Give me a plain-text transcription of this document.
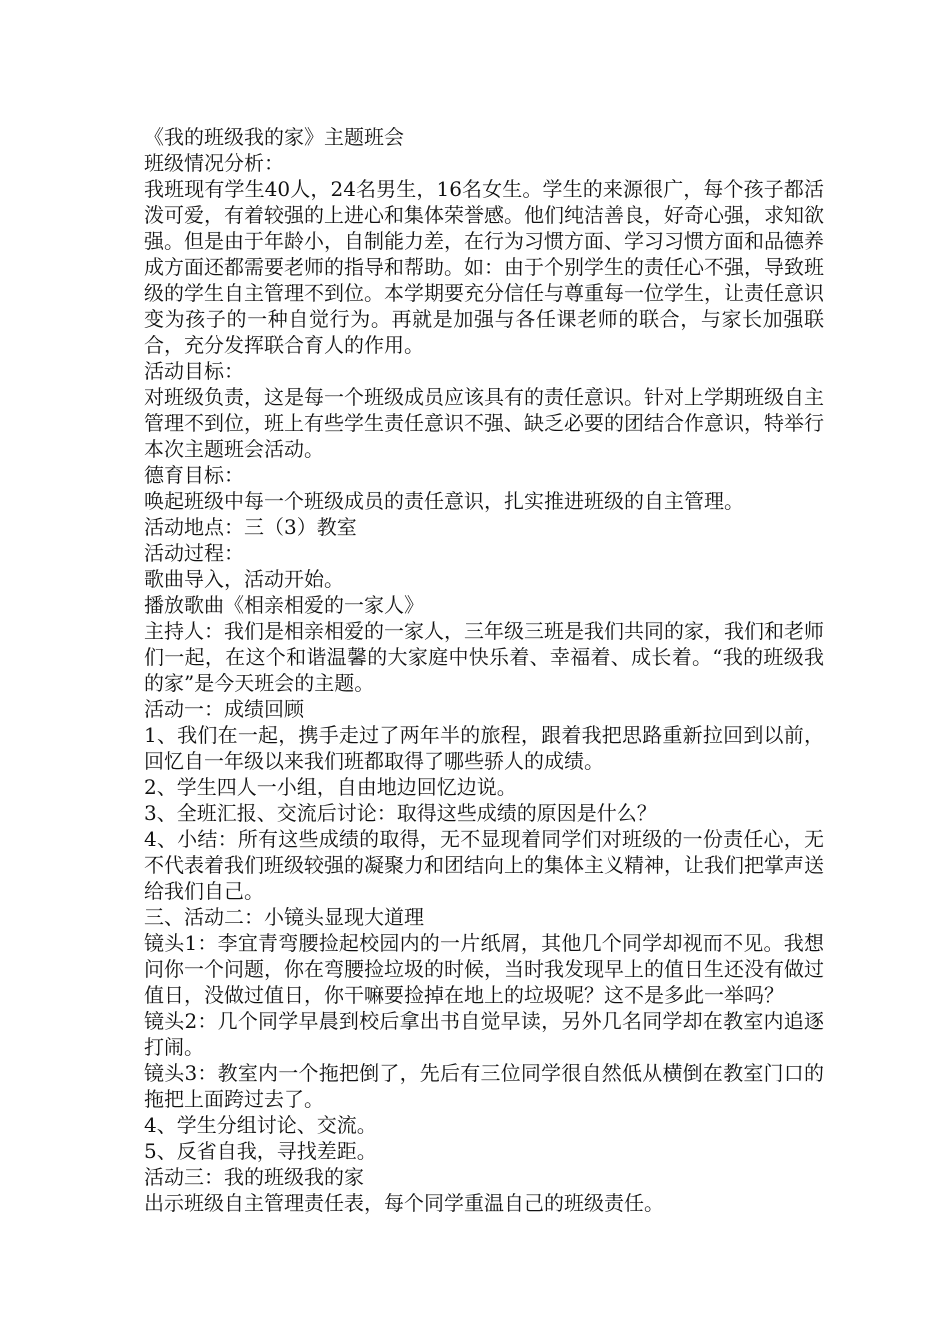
《我的班级我的家》主题班会

班级情况分析：

我班现有学生40人，24名男生，16名女生。学生的来源很广，每个孩子都活泼可爱，有着较强的上进心和集体荣誉感。他们纯洁善良，好奇心强，求知欲强。但是由于年龄小，自制能力差，在行为习惯方面、学习习惯方面和品德养成方面还都需要老师的指导和帮助。如：由于个别学生的责任心不强，导致班级的学生自主管理不到位。本学期要充分信任与尊重每一位学生，让责任意识变为孩子的一种自觉行为。再就是加强与各任课老师的联合，与家长加强联合，充分发挥联合育人的作用。

活动目标：

对班级负责，这是每一个班级成员应该具有的责任意识。针对上学期班级自主管理不到位，班上有些学生责任意识不强、缺乏必要的团结合作意识，特举行本次主题班会活动。

德育目标：

唤起班级中每一个班级成员的责任意识，扎实推进班级的自主管理。

活动地点：三（3）教室

活动过程：

歌曲导入，活动开始。

播放歌曲《相亲相爱的一家人》

主持人：我们是相亲相爱的一家人，三年级三班是我们共同的家，我们和老师们一起，在这个和谐温馨的大家庭中快乐着、幸福着、成长着。“我的班级我的家”是今天班会的主题。

活动一：成绩回顾

1、我们在一起，携手走过了两年半的旅程，跟着我把思路重新拉回到以前，回忆自一年级以来我们班都取得了哪些骄人的成绩。

2、学生四人一小组，自由地边回忆边说。

3、全班汇报、交流后讨论：取得这些成绩的原因是什么？

4、小结：所有这些成绩的取得，无不显现着同学们对班级的一份责任心，无不代表着我们班级较强的凝聚力和团结向上的集体主义精神，让我们把掌声送给我们自己。

三、活动二：小镜头显现大道理

镜头1：李宜青弯腰捡起校园内的一片纸屑，其他几个同学却视而不见。我想问你一个问题，你在弯腰捡垃圾的时候，当时我发现早上的值日生还没有做过值日，没做过值日，你干嘛要捡掉在地上的垃圾呢？这不是多此一举吗？

镜头2：几个同学早晨到校后拿出书自觉早读，另外几名同学却在教室内追逐打闹。

镜头3：教室内一个拖把倒了，先后有三位同学很自然低从横倒在教室门口的拖把上面跨过去了。

4、学生分组讨论、交流。

5、反省自我，寻找差距。

活动三：我的班级我的家

出示班级自主管理责任表，每个同学重温自己的班级责任。
